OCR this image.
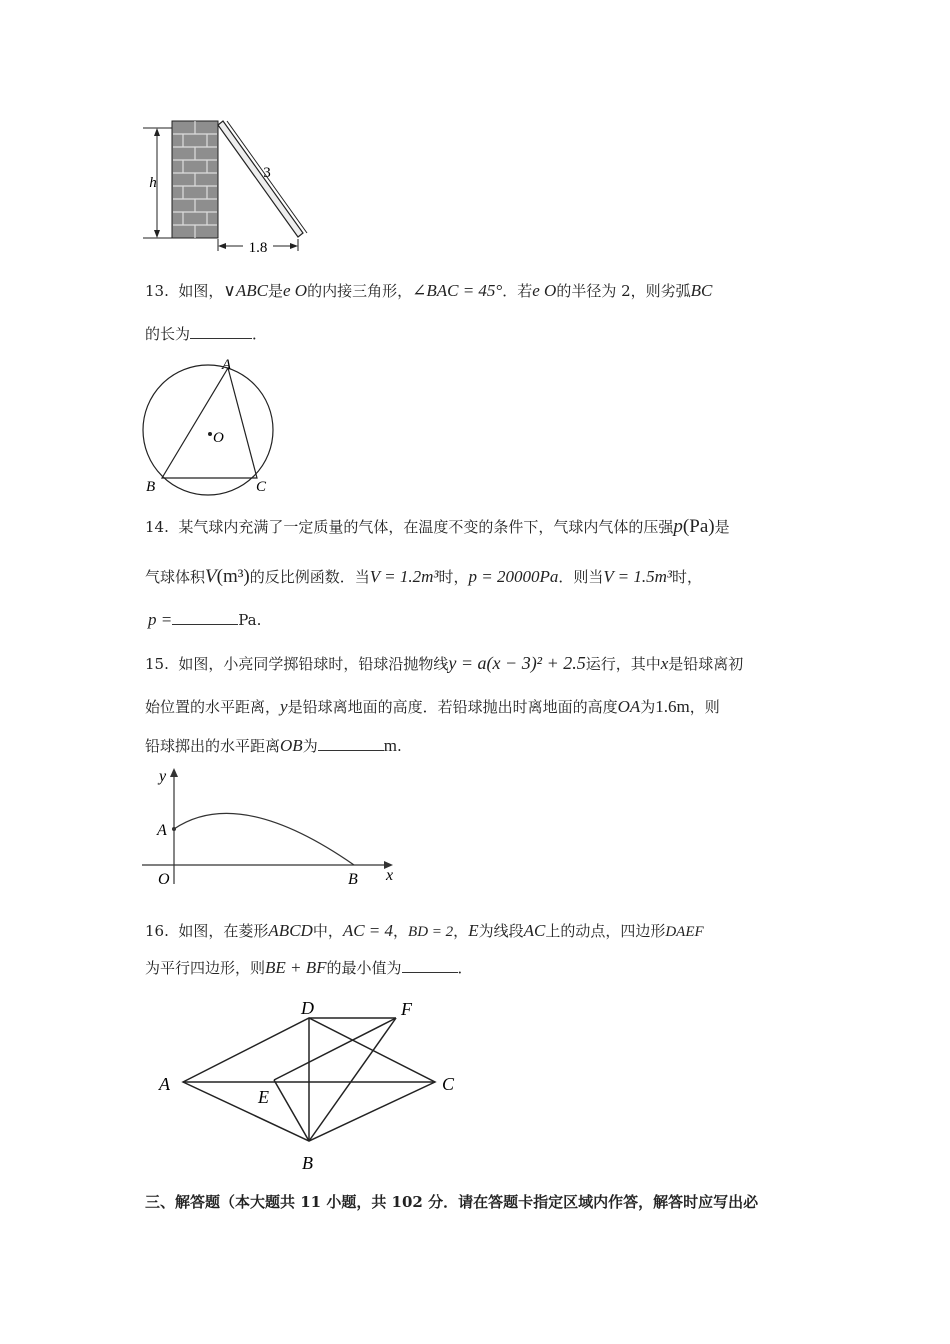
h
3
1.8
13. 如图，∨ABC是e O的内接三角形，∠BAC = 45°．若e O的半径为 2，则劣弧BC
的长为	．
A
O
B	C
14. 某气球内充满了一定质量的气体，在温度不变的条件下，气球内气体的压强p(Pa)是
气球体积V(m³)的反比例函数．当V = 1.2m³时，p = 20000Pa．则当V = 1.5m³时，
p =	Pa.
15. 如图，小亮同学掷铅球时，铅球沿抛物线y = a(x − 3)² + 2.5运行，其中x是铅球离初
始位置的水平距离，y是铅球离地面的高度．若铅球抛出时离地面的高度OA为1.6m，则
铅球掷出的水平距离OB为	m.
y
x
A
O	B
16. 如图，在菱形ABCD中，AC = 4，BD = 2，E为线段AC上的动点，四边形DAEF
为平行四边形，则BE + BF的最小值为	．
D	F
A	C
E
B
三、解答题（本大题共 11 小题，共 102 分．请在答题卡指定区域内作答，解答时应写出必
